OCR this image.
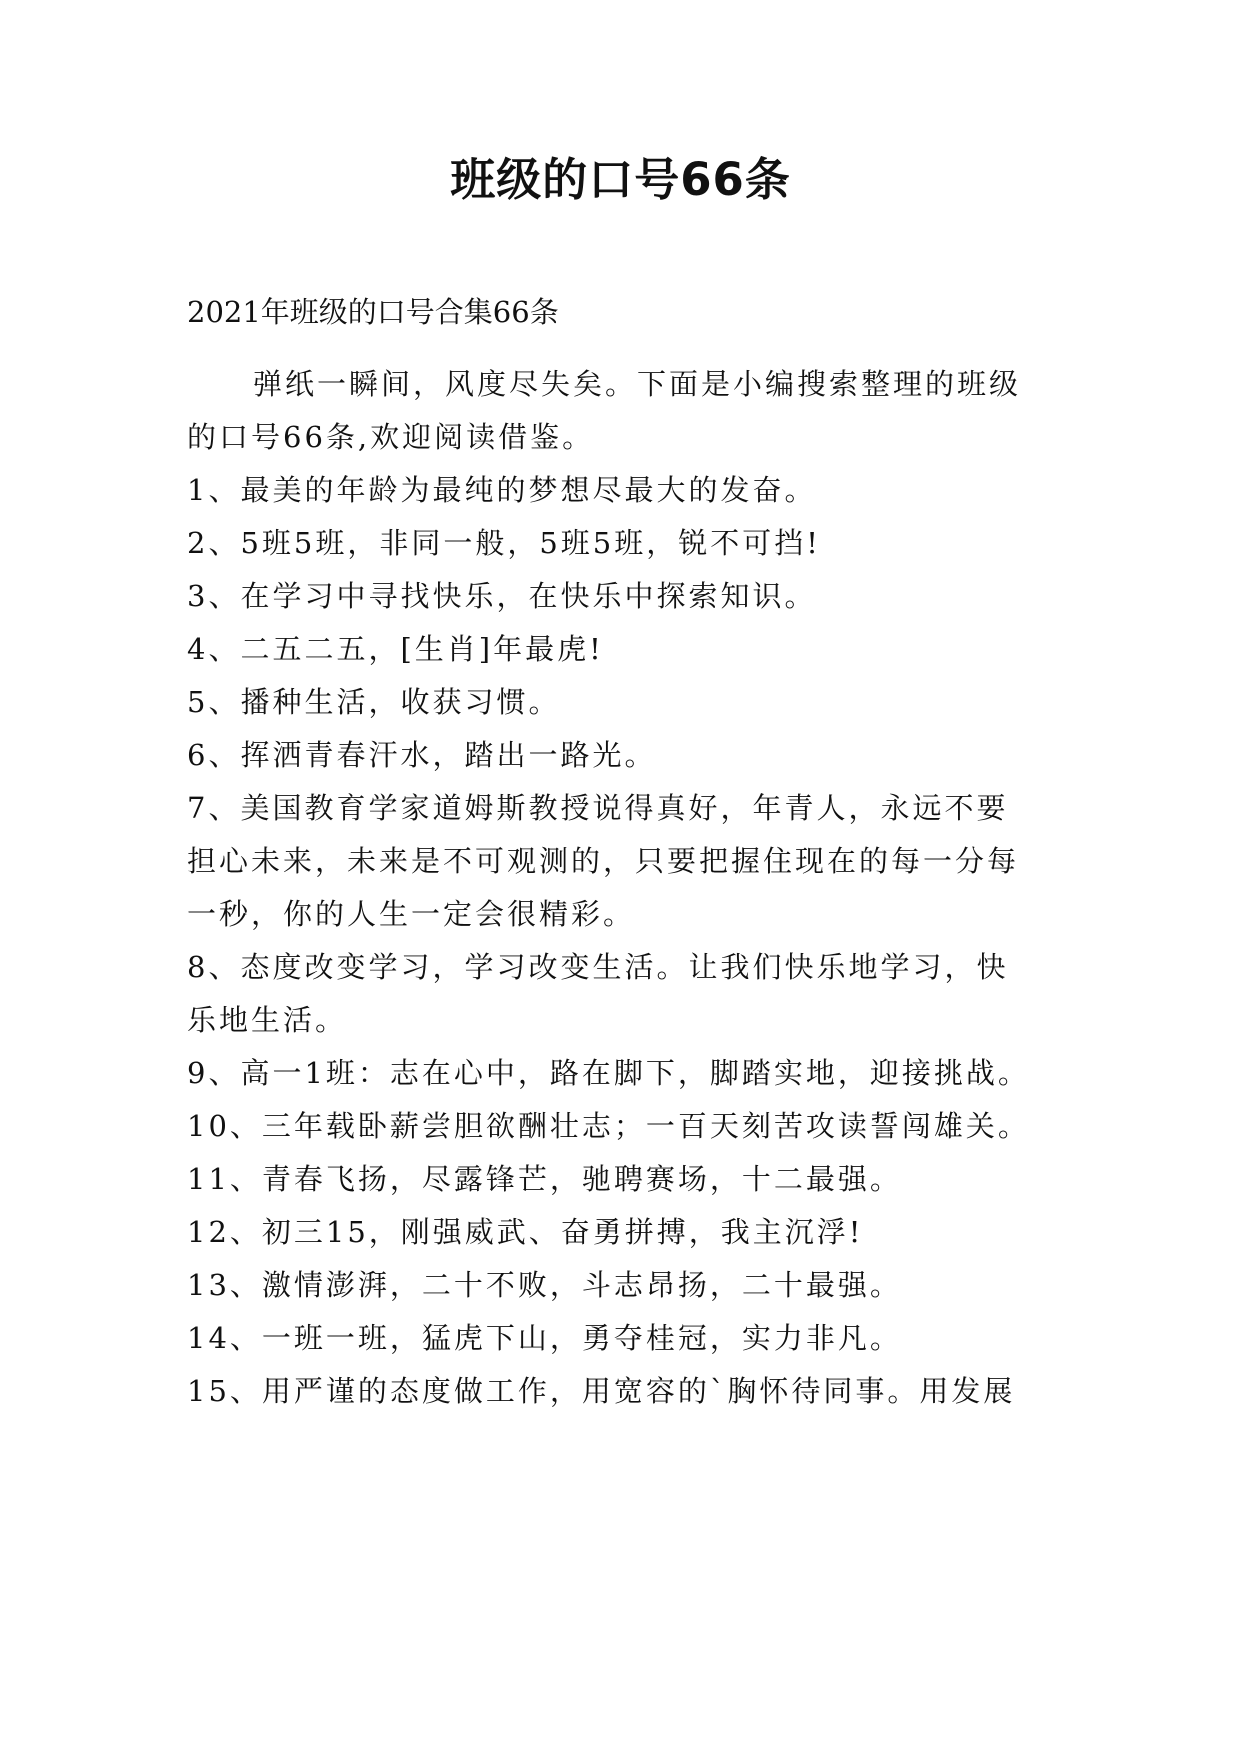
班级的口号66条
2021年班级的口号合集66条
弹纸一瞬间，风度尽失矣。下面是小编搜索整理的班级
的口号66条,欢迎阅读借鉴。
1、最美的年龄为最纯的梦想尽最大的发奋。
2、5班5班，非同一般，5班5班，锐不可挡!
3、在学习中寻找快乐，在快乐中探索知识。
4、二五二五，[生肖]年最虎!
5、播种生活，收获习惯。
6、挥洒青春汗水，踏出一路光。
7、美国教育学家道姆斯教授说得真好，年青人，永远不要
担心未来，未来是不可观测的，只要把握住现在的每一分每
一秒，你的人生一定会很精彩。
8、态度改变学习，学习改变生活。让我们快乐地学习，快
乐地生活。
9、高一1班：志在心中，路在脚下，脚踏实地，迎接挑战。
10、三年载卧薪尝胆欲酬壮志；一百天刻苦攻读誓闯雄关。
11、青春飞扬，尽露锋芒，驰聘赛场，十二最强。
12、初三15，刚强威武、奋勇拼搏，我主沉浮!
13、激情澎湃，二十不败，斗志昂扬，二十最强。
14、一班一班，猛虎下山，勇夺桂冠，实力非凡。
15、用严谨的态度做工作，用宽容的`胸怀待同事。用发展
